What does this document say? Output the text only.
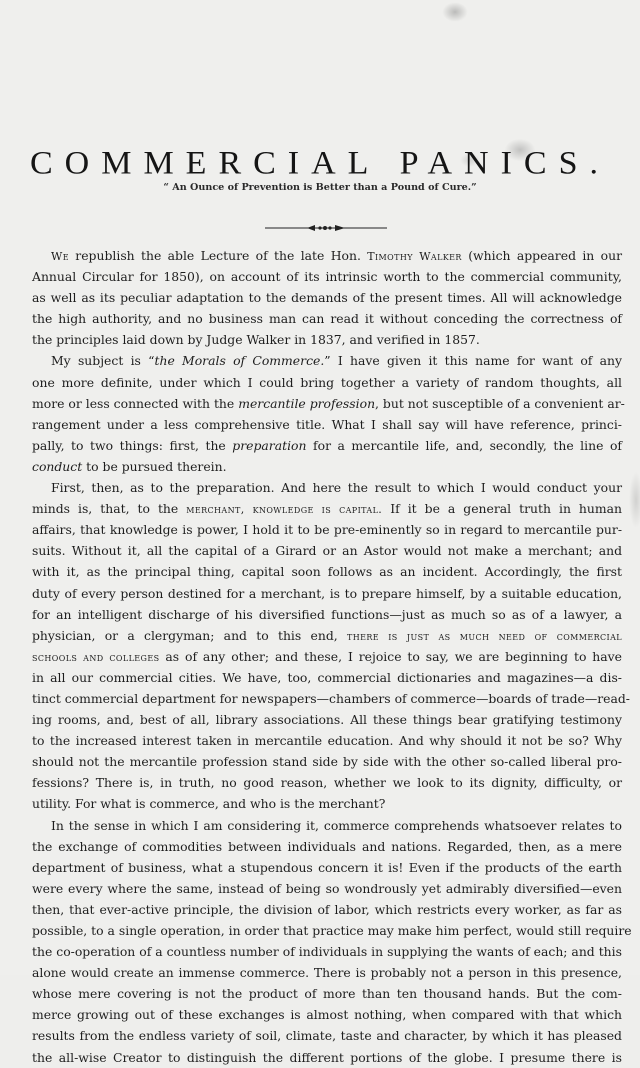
COMMERCIAL PANICS.
“ An Ounce of Prevention is Better than a Pound of Cure.”
We republish the able Lecture of the late Hon. Timothy Walker (which appeared in our
Annual Circular for 1850), on account of its intrinsic worth to the commercial community,
as well as its peculiar adaptation to the demands of the present times. All will acknowledge
the high authority, and no business man can read it without conceding the correctness of
the principles laid down by Judge Walker in 1837, and verified in 1857.
My subject is “the Morals of Commerce.” I have given it this name for want of any
one more definite, under which I could bring together a variety of random thoughts, all
more or less connected with the mercantile profession, but not susceptible of a convenient ar-
rangement under a less comprehensive title. What I shall say will have reference, princi-
pally, to two things: first, the preparation for a mercantile life, and, secondly, the line of
conduct to be pursued therein.
First, then, as to the preparation. And here the result to which I would conduct your
minds is, that, to the merchant, knowledge is capital. If it be a general truth in human
affairs, that knowledge is power, I hold it to be pre-eminently so in regard to mercantile pur-
suits. Without it, all the capital of a Girard or an Astor would not make a merchant; and
with it, as the principal thing, capital soon follows as an incident. Accordingly, the first
duty of every person destined for a merchant, is to prepare himself, by a suitable education,
for an intelligent discharge of his diversified functions—just as much so as of a lawyer, a
physician, or a clergyman; and to this end, there is just as much need of commercial
schools and colleges as of any other; and these, I rejoice to say, we are beginning to have
in all our commercial cities. We have, too, commercial dictionaries and magazines—a dis-
tinct commercial department for newspapers—chambers of commerce—boards of trade—read-
ing rooms, and, best of all, library associations. All these things bear gratifying testimony
to the increased interest taken in mercantile education. And why should it not be so? Why
should not the mercantile profession stand side by side with the other so-called liberal pro-
fessions? There is, in truth, no good reason, whether we look to its dignity, difficulty, or
utility. For what is commerce, and who is the merchant?
In the sense in which I am considering it, commerce comprehends whatsoever relates to
the exchange of commodities between individuals and nations. Regarded, then, as a mere
department of business, what a stupendous concern it is! Even if the products of the earth
were every where the same, instead of being so wondrously yet admirably diversified—even
then, that ever-active principle, the division of labor, which restricts every worker, as far as
possible, to a single operation, in order that practice may make him perfect, would still require
the co-operation of a countless number of individuals in supplying the wants of each; and this
alone would create an immense commerce. There is probably not a person in this presence,
whose mere covering is not the product of more than ten thousand hands. But the com-
merce growing out of these exchanges is almost nothing, when compared with that which
results from the endless variety of soil, climate, taste and character, by which it has pleased
the all-wise Creator to distinguish the different portions of the globe. I presume there is
